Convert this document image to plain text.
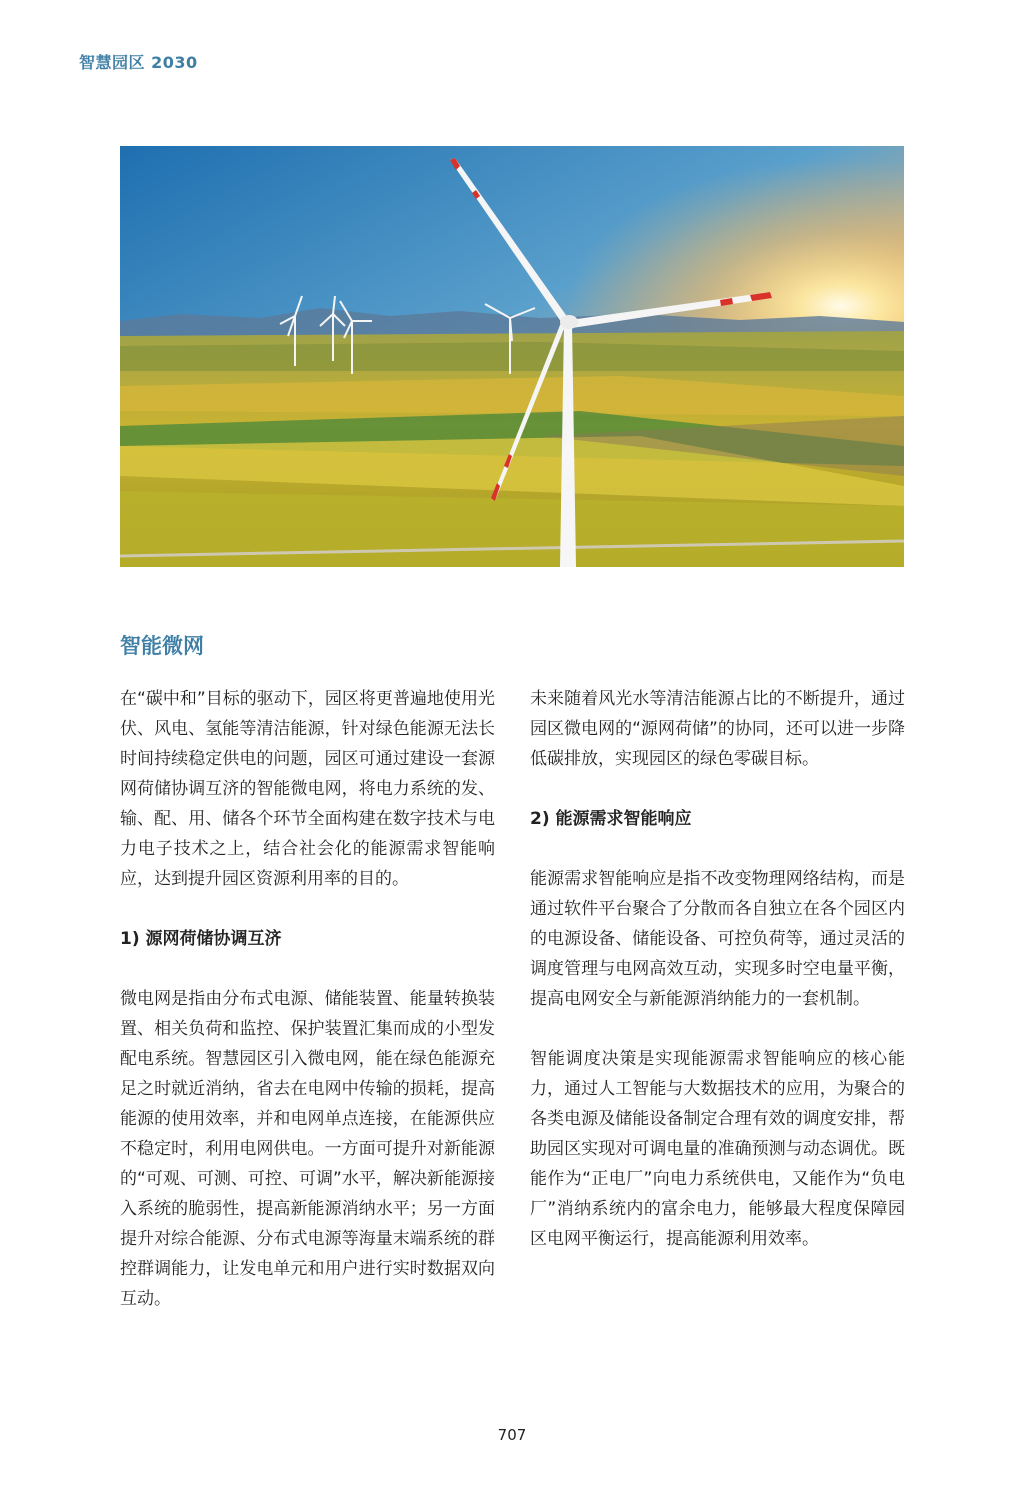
智慧园区 2030
智能微网

在“碳中和”目标的驱动下，园区将更普遍地使用光伏、风电、氢能等清洁能源，针对绿色能源无法长时间持续稳定供电的问题，园区可通过建设一套源网荷储协调互济的智能微电网，将电力系统的发、输、配、用、储各个环节全面构建在数字技术与电力电子技术之上，结合社会化的能源需求智能响应，达到提升园区资源利用率的目的。

1) 源网荷储协调互济

微电网是指由分布式电源、储能装置、能量转换装置、相关负荷和监控、保护装置汇集而成的小型发配电系统。智慧园区引入微电网，能在绿色能源充足之时就近消纳，省去在电网中传输的损耗，提高能源的使用效率，并和电网单点连接，在能源供应不稳定时，利用电网供电。一方面可提升对新能源的“可观、可测、可控、可调”水平，解决新能源接入系统的脆弱性，提高新能源消纳水平；另一方面提升对综合能源、分布式电源等海量末端系统的群控群调能力，让发电单元和用户进行实时数据双向互动。

未来随着风光水等清洁能源占比的不断提升，通过园区微电网的“源网荷储”的协同，还可以进一步降低碳排放，实现园区的绿色零碳目标。

2) 能源需求智能响应

能源需求智能响应是指不改变物理网络结构，而是通过软件平台聚合了分散而各自独立在各个园区内的电源设备、储能设备、可控负荷等，通过灵活的调度管理与电网高效互动，实现多时空电量平衡，提高电网安全与新能源消纳能力的一套机制。

智能调度决策是实现能源需求智能响应的核心能力，通过人工智能与大数据技术的应用，为聚合的各类电源及储能设备制定合理有效的调度安排，帮助园区实现对可调电量的准确预测与动态调优。既能作为“正电厂”向电力系统供电，又能作为“负电厂”消纳系统内的富余电力，能够最大程度保障园区电网平衡运行，提高能源利用效率。

707
